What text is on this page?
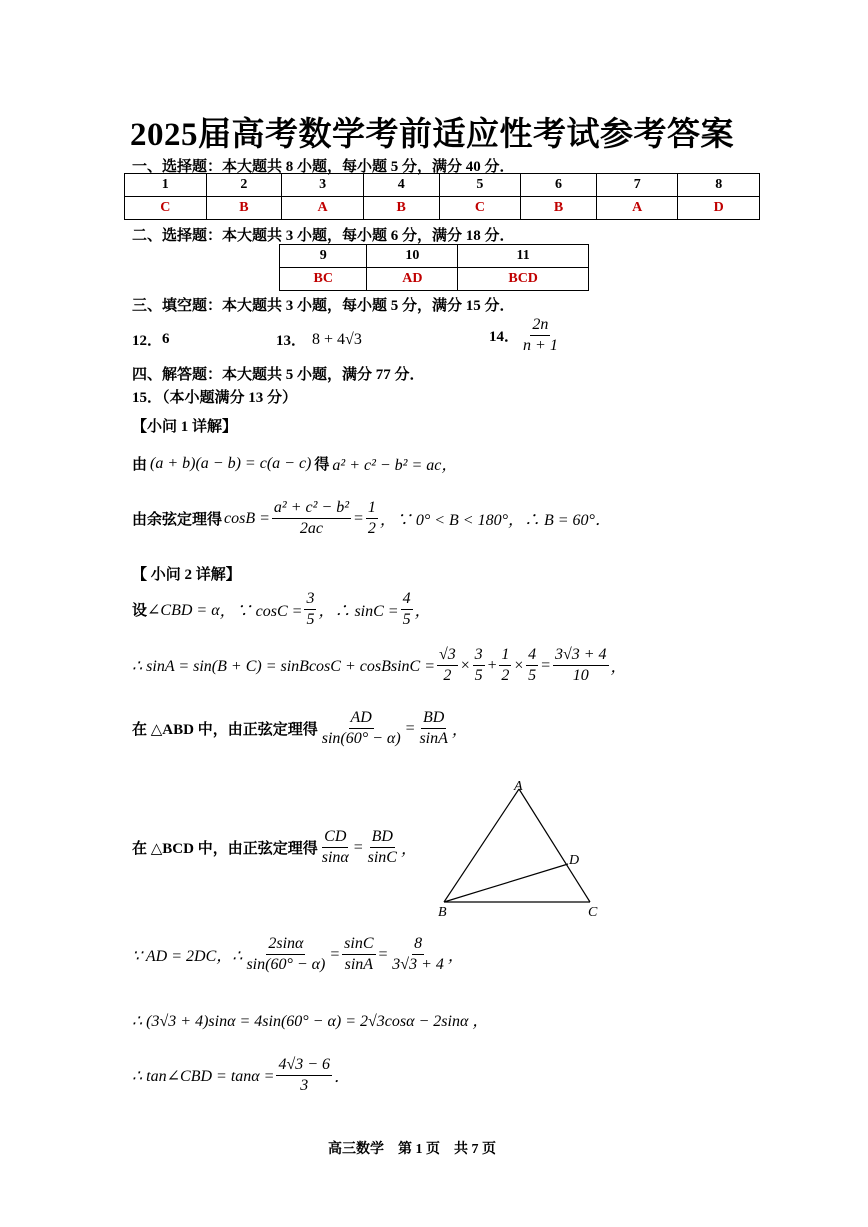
2025届高考数学考前适应性考试参考答案
一、选择题：本大题共 8 小题，每小题 5 分，满分 40 分．
1	2	3	4	5	6	7	8
C	B	A	B	C	B	A	D
二、选择题：本大题共 3 小题，每小题 6 分，满分 18 分．
9	10	11
BC	AD	BCD
三、填空题：本大题共 3 小题，每小题 5 分，满分 15 分．
12． 6	13． 8 + 4√3	14． $\frac{2n}{n + 1}$
四、解答题：本大题共 5 小题，满分 77 分．
15．（本小题满分 13 分）
【小问 1 详解】
由 (a + b)(a − b) = c(a − c) 得 a² + c² − b² = ac，
由余弦定理得 $\cos B = \frac{\text{a² + c² − b²}}{2ac} = \frac{1}{2}$ ，∵ 0° < B < 180°，∴ B = 60°．
【 小问 2 详解】
设 ∠CBD = α ，∵ $\cos C = \frac{3}{5}$ ，∴ $\sin C = \frac{4}{5}$ ，
∴ sinA = sin(B + C) = sinBcosC + cosBsinC = $\frac{√3}{2} \times \frac{3}{5} + \frac{1}{2} \times \frac{4}{5} = \frac{3√3 + 4}{10}$ ，
在 △ABD 中，由正弦定理得 $\frac{AD}{\sin(60^\circ - \alpha)} = \frac{BD}{\sin A}$ ，
在 △BCD 中，由正弦定理得 $\frac{CD}{\sin\alpha} = \frac{BD}{\sin C}$ ，
A
B	C
D
∵ AD = 2DC，∴ $\frac{2\sin\alpha}{\sin(60^\circ - \alpha)} = \frac{\sin C}{\sin A} = \frac{8}{3√3 + 4}$ ，
∴ (3√3 + 4)sinα = 4sin(60° − α) = 2√3cosα − 2sinα ，
∴ tan∠CBD = $\tan\alpha = \frac{4√3 - 6}{3}$ ．
高三数学　第 1 页　共 7 页
